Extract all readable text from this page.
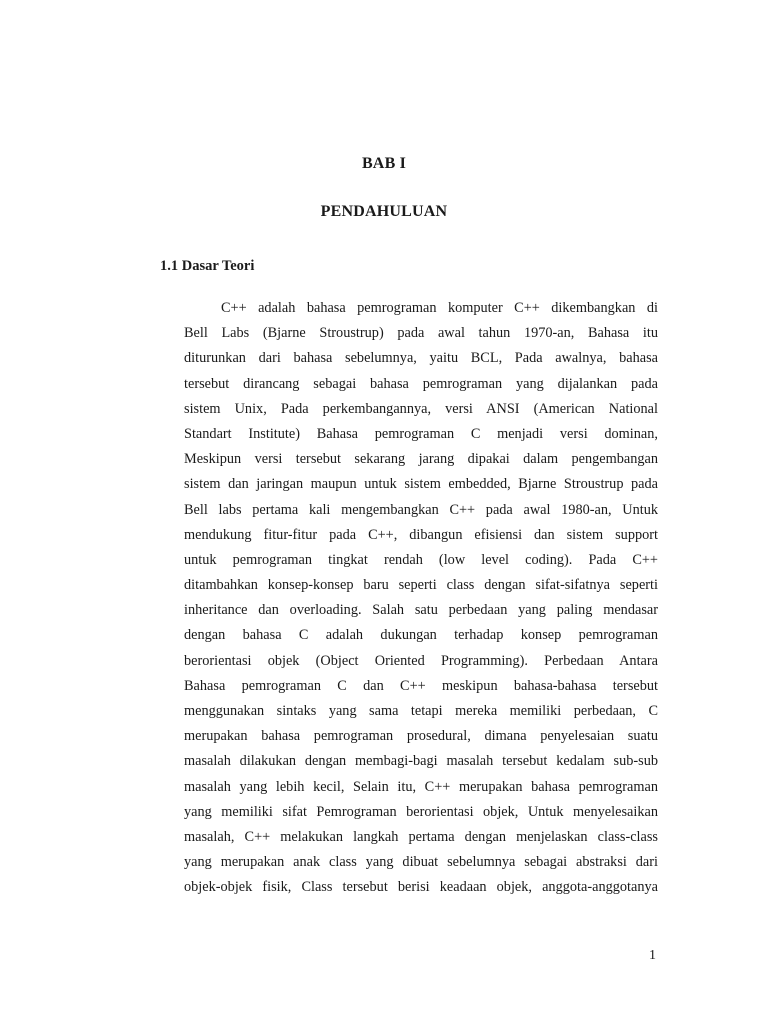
BAB I
PENDAHULUAN
1.1 Dasar Teori
C++ adalah bahasa pemrograman komputer C++ dikembangkan di
Bell Labs (Bjarne Stroustrup) pada awal tahun 1970-an, Bahasa itu
diturunkan dari bahasa sebelumnya, yaitu BCL, Pada awalnya, bahasa
tersebut dirancang sebagai bahasa pemrograman yang dijalankan pada
sistem Unix, Pada perkembangannya, versi ANSI (American National
Standart Institute) Bahasa pemrograman C menjadi versi dominan,
Meskipun versi tersebut sekarang jarang dipakai dalam pengembangan
sistem dan jaringan maupun untuk sistem embedded, Bjarne Stroustrup pada
Bell labs pertama kali mengembangkan C++ pada awal 1980-an, Untuk
mendukung fitur-fitur pada C++, dibangun efisiensi dan sistem support
untuk pemrograman tingkat rendah (low level coding). Pada C++
ditambahkan konsep-konsep baru seperti class dengan sifat-sifatnya seperti
inheritance dan overloading. Salah satu perbedaan yang paling mendasar
dengan bahasa C adalah dukungan terhadap konsep pemrograman
berorientasi objek (Object Oriented Programming). Perbedaan Antara
Bahasa pemrograman C dan C++ meskipun bahasa-bahasa tersebut
menggunakan sintaks yang sama tetapi mereka memiliki perbedaan, C
merupakan bahasa pemrograman prosedural, dimana penyelesaian suatu
masalah dilakukan dengan membagi-bagi masalah tersebut kedalam sub-sub
masalah yang lebih kecil, Selain itu, C++ merupakan bahasa pemrograman
yang memiliki sifat Pemrograman berorientasi objek, Untuk menyelesaikan
masalah, C++ melakukan langkah pertama dengan menjelaskan class-class
yang merupakan anak class yang dibuat sebelumnya sebagai abstraksi dari
objek-objek fisik, Class tersebut berisi keadaan objek, anggota-anggotanya
1
